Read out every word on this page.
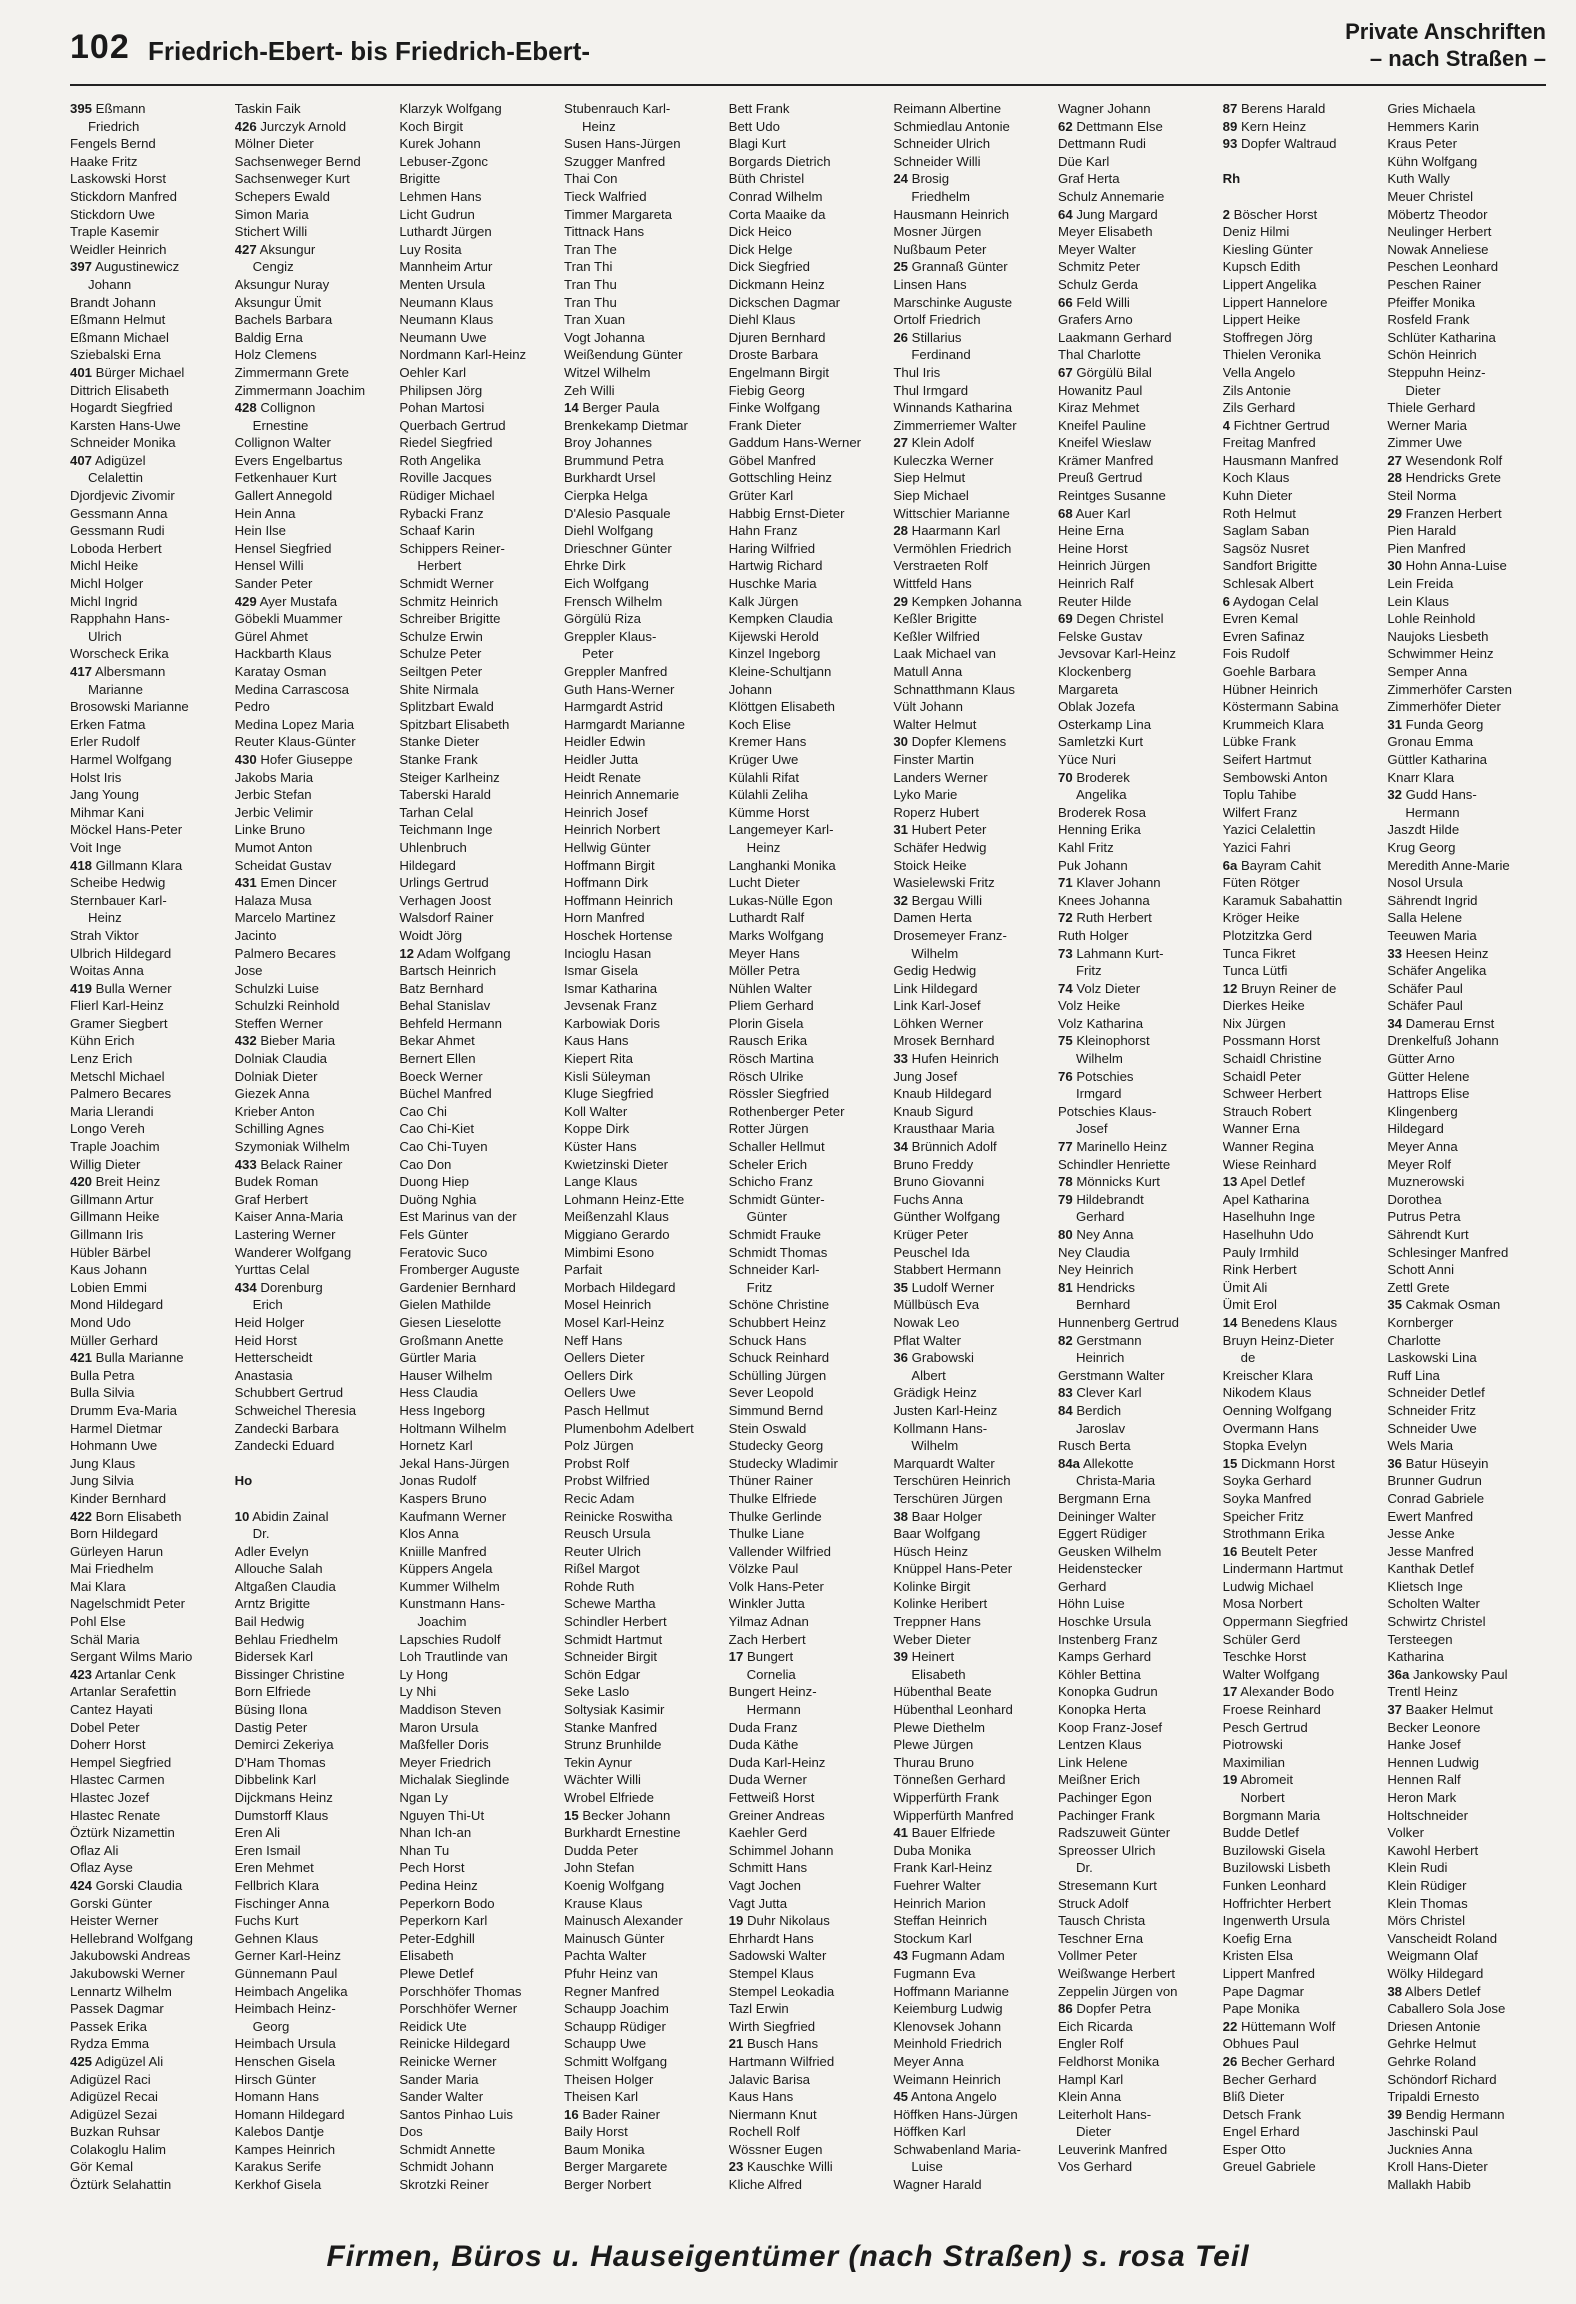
102 Friedrich-Ebert- bis Friedrich-Ebert-
Private Anschriften
– nach Straßen –
395 Eßmann
Friedrich
Fengels Bernd
Haake Fritz
Laskowski Horst
Stickdorn Manfred
Stickdorn Uwe
Traple Kasemir
Weidler Heinrich
397 Augustinewicz
Johann
Brandt Johann
Eßmann Helmut
Eßmann Michael
Sziebalski Erna
401 Bürger Michael
Dittrich Elisabeth
Hogardt Siegfried
Karsten Hans-Uwe
Schneider Monika
407 Adigüzel
Celalettin
Djordjevic Zivomir
Gessmann Anna
Gessmann Rudi
Loboda Herbert
Michl Heike
Michl Holger
Michl Ingrid
Rapphahn Hans-
Ulrich
Worscheck Erika
417 Albersmann
Marianne
Brosowski Marianne
Erken Fatma
Erler Rudolf
Harmel Wolfgang
Holst Iris
Jang Young
Mihmar Kani
Möckel Hans-Peter
Voit Inge
418 Gillmann Klara
Scheibe Hedwig
Sternbauer Karl-
Heinz
Strah Viktor
Ulbrich Hildegard
Woitas Anna
419 Bulla Werner
Flierl Karl-Heinz
Gramer Siegbert
Kühn Erich
Lenz Erich
Metschl Michael
Palmero Becares
Maria Llerandi
Longo Vereh
Traple Joachim
Willig Dieter
420 Breit Heinz
Gillmann Artur
Gillmann Heike
Gillmann Iris
Hübler Bärbel
Kaus Johann
Lobien Emmi
Mond Hildegard
Mond Udo
Müller Gerhard
421 Bulla Marianne
Bulla Petra
Bulla Silvia
Drumm Eva-Maria
Harmel Dietmar
Hohmann Uwe
Jung Klaus
Jung Silvia
Kinder Bernhard
422 Born Elisabeth
Born Hildegard
Gürleyen Harun
Mai Friedhelm
Mai Klara
Nagelschmidt Peter
Pohl Else
Schäl Maria
Sergant Wilms Mario
423 Artanlar Cenk
Artanlar Serafettin
Cantez Hayati
Dobel Peter
Doherr Horst
Hempel Siegfried
Hlastec Carmen
Hlastec Jozef
Hlastec Renate
Öztürk Nizamettin
Oflaz Ali
Oflaz Ayse
424 Gorski Claudia
Gorski Günter
Heister Werner
Hellebrand Wolfgang
Jakubowski Andreas
Jakubowski Werner
Lennartz Wilhelm
Passek Dagmar
Passek Erika
Rydza Emma
425 Adigüzel Ali
Adigüzel Raci
Adigüzel Recai
Adigüzel Sezai
Buzkan Ruhsar
Colakoglu Halim
Gör Kemal
Öztürk Selahattin
Taskin Faik
426 Jurczyk Arnold
Mölner Dieter
Sachsenweger Bernd
Sachsenweger Kurt
Schepers Ewald
Simon Maria
Stichert Willi
427 Aksungur
Cengiz
Aksungur Nuray
Aksungur Ümit
Bachels Barbara
Baldig Erna
Holz Clemens
Zimmermann Grete
Zimmermann Joachim
428 Collignon
Ernestine
Collignon Walter
Evers Engelbartus
Fetkenhauer Kurt
Gallert Annegold
Hein Anna
Hein Ilse
Hensel Siegfried
Hensel Willi
Sander Peter
429 Ayer Mustafa
Göbekli Muammer
Gürel Ahmet
Hackbarth Klaus
Karatay Osman
Medina Carrascosa
Pedro
Medina Lopez Maria
Reuter Klaus-Günter
430 Hofer Giuseppe
Jakobs Maria
Jerbic Stefan
Jerbic Velimir
Linke Bruno
Mumot Anton
Scheidat Gustav
431 Emen Dincer
Halaza Musa
Marcelo Martinez
Jacinto
Palmero Becares
Jose
Schulzki Luise
Schulzki Reinhold
Steffen Werner
432 Bieber Maria
Dolniak Claudia
Dolniak Dieter
Giezek Anna
Krieber Anton
Schilling Agnes
Szymoniak Wilhelm
433 Belack Rainer
Budek Roman
Graf Herbert
Kaiser Anna-Maria
Lastering Werner
Wanderer Wolfgang
Yurttas Celal
434 Dorenburg
Erich
Heid Holger
Heid Horst
Hetterscheidt
Anastasia
Schubbert Gertrud
Schweichel Theresia
Zandecki Barbara
Zandecki Eduard
Ho
10 Abidin Zainal
Dr.
Adler Evelyn
Allouche Salah
Altgaßen Claudia
Arntz Brigitte
Bail Hedwig
Behlau Friedhelm
Bidersek Karl
Bissinger Christine
Born Elfriede
Büsing Ilona
Dastig Peter
Demirci Zekeriya
D'Ham Thomas
Dibbelink Karl
Dijckmans Heinz
Dumstorff Klaus
Eren Ali
Eren Ismail
Eren Mehmet
Fellbrich Klara
Fischinger Anna
Fuchs Kurt
Gehnen Klaus
Gerner Karl-Heinz
Günnemann Paul
Heimbach Angelika
Heimbach Heinz-
Georg
Heimbach Ursula
Henschen Gisela
Hirsch Günter
Homann Hans
Homann Hildegard
Kalebos Dantje
Kampes Heinrich
Karakus Serife
Kerkhof Gisela
Klarzyk Wolfgang
Koch Birgit
Kurek Johann
Lebuser-Zgonc
Brigitte
Lehmen Hans
Licht Gudrun
Luthardt Jürgen
Luy Rosita
Mannheim Artur
Menten Ursula
Neumann Klaus
Neumann Klaus
Neumann Uwe
Nordmann Karl-Heinz
Oehler Karl
Philipsen Jörg
Pohan Martosi
Querbach Gertrud
Riedel Siegfried
Roth Angelika
Roville Jacques
Rüdiger Michael
Rybacki Franz
Schaaf Karin
Schippers Reiner-
Herbert
Schmidt Werner
Schmitz Heinrich
Schreiber Brigitte
Schulze Erwin
Schulze Peter
Seiltgen Peter
Shite Nirmala
Splitzbart Ewald
Spitzbart Elisabeth
Stanke Dieter
Stanke Frank
Steiger Karlheinz
Taberski Harald
Tarhan Celal
Teichmann Inge
Uhlenbruch
Hildegard
Urlings Gertrud
Verhagen Joost
Walsdorf Rainer
Woidt Jörg
12 Adam Wolfgang
Bartsch Heinrich
Batz Bernhard
Behal Stanislav
Behfeld Hermann
Bekar Ahmet
Bernert Ellen
Boeck Werner
Büchel Manfred
Cao Chi
Cao Chi-Kiet
Cao Chi-Tuyen
Cao Don
Duong Hiep
Duöng Nghia
Est Marinus van der
Fels Günter
Feratovic Suco
Fromberger Auguste
Gardenier Bernhard
Gielen Mathilde
Giesen Lieselotte
Großmann Anette
Gürtler Maria
Hauser Wilhelm
Hess Claudia
Hess Ingeborg
Holtmann Wilhelm
Hornetz Karl
Jekal Hans-Jürgen
Jonas Rudolf
Kaspers Bruno
Kaufmann Werner
Klos Anna
Kniille Manfred
Küppers Angela
Kummer Wilhelm
Kunstmann Hans-
Joachim
Lapschies Rudolf
Loh Trautlinde van
Ly Hong
Ly Nhi
Maddison Steven
Maron Ursula
Maßfeller Doris
Meyer Friedrich
Michalak Sieglinde
Ngan Ly
Nguyen Thi-Ut
Nhan Ich-an
Nhan Tu
Pech Horst
Pedina Heinz
Peperkorn Bodo
Peperkorn Karl
Peter-Edghill
Elisabeth
Plewe Detlef
Porschhöfer Thomas
Porschhöfer Werner
Reidick Ute
Reinicke Hildegard
Reinicke Werner
Sander Maria
Sander Walter
Santos Pinhao Luis
Dos
Schmidt Annette
Schmidt Johann
Skrotzki Reiner
Stubenrauch Karl-
Heinz
Susen Hans-Jürgen
Szugger Manfred
Thai Con
Tieck Walfried
Timmer Margareta
Tittnack Hans
Tran The
Tran Thi
Tran Thu
Tran Thu
Tran Xuan
Vogt Johanna
Weißendung Günter
Witzel Wilhelm
Zeh Willi
14 Berger Paula
Brenkekamp Dietmar
Broy Johannes
Brummund Petra
Burkhardt Ursel
Cierpka Helga
D'Alesio Pasquale
Diehl Wolfgang
Drieschner Günter
Ehrke Dirk
Eich Wolfgang
Frensch Wilhelm
Görgülü Riza
Greppler Klaus-
Peter
Greppler Manfred
Guth Hans-Werner
Harmgardt Astrid
Harmgardt Marianne
Heidler Edwin
Heidler Jutta
Heidt Renate
Heinrich Annemarie
Heinrich Josef
Heinrich Norbert
Hellwig Günter
Hoffmann Birgit
Hoffmann Dirk
Hoffmann Heinrich
Horn Manfred
Hoschek Hortense
Incioglu Hasan
Ismar Gisela
Ismar Katharina
Jevsenak Franz
Karbowiak Doris
Kaus Hans
Kiepert Rita
Kisli Süleyman
Kluge Siegfried
Koll Walter
Koppe Dirk
Küster Hans
Kwietzinski Dieter
Lange Klaus
Lohmann Heinz-Ette
Meißenzahl Klaus
Miggiano Gerardo
Mimbimi Esono
Parfait
Morbach Hildegard
Mosel Heinrich
Mosel Karl-Heinz
Neff Hans
Oellers Dieter
Oellers Dirk
Oellers Uwe
Pasch Hellmut
Plumenbohm Adelbert
Polz Jürgen
Probst Rolf
Probst Wilfried
Recic Adam
Reinicke Roswitha
Reusch Ursula
Reuter Ulrich
Rißel Margot
Rohde Ruth
Schewe Martha
Schindler Herbert
Schmidt Hartmut
Schneider Birgit
Schön Edgar
Seke Laslo
Soltysiak Kasimir
Stanke Manfred
Strunz Brunhilde
Tekin Aynur
Wächter Willi
Wrobel Elfriede
15 Becker Johann
Burkhardt Ernestine
Dudda Peter
John Stefan
Koenig Wolfgang
Krause Klaus
Mainusch Alexander
Mainusch Günter
Pachta Walter
Pfuhr Heinz van
Regner Manfred
Schaupp Joachim
Schaupp Rüdiger
Schaupp Uwe
Schmitt Wolfgang
Theisen Holger
Theisen Karl
16 Bader Rainer
Baily Horst
Baum Monika
Berger Margarete
Berger Norbert
Bett Frank
Bett Udo
Blagi Kurt
Borgards Dietrich
Büth Christel
Conrad Wilhelm
Corta Maaike da
Dick Heico
Dick Helge
Dick Siegfried
Dickmann Heinz
Dickschen Dagmar
Diehl Klaus
Djuren Bernhard
Droste Barbara
Engelmann Birgit
Fiebig Georg
Finke Wolfgang
Frank Dieter
Gaddum Hans-Werner
Göbel Manfred
Gottschling Heinz
Grüter Karl
Habbig Ernst-Dieter
Hahn Franz
Haring Wilfried
Hartwig Richard
Huschke Maria
Kalk Jürgen
Kempken Claudia
Kijewski Herold
Kinzel Ingeborg
Kleine-Schultjann
Johann
Klöttgen Elisabeth
Koch Elise
Kremer Hans
Krüger Uwe
Külahli Rifat
Külahli Zeliha
Kümme Horst
Langemeyer Karl-
Heinz
Langhanki Monika
Lucht Dieter
Lukas-Nülle Egon
Luthardt Ralf
Marks Wolfgang
Meyer Hans
Möller Petra
Nühlen Walter
Pliem Gerhard
Plorin Gisela
Rausch Erika
Rösch Martina
Rösch Ulrike
Rössler Siegfried
Rothenberger Peter
Rotter Jürgen
Schaller Hellmut
Scheler Erich
Schicho Franz
Schmidt Günter-
Günter
Schmidt Frauke
Schmidt Thomas
Schneider Karl-
Fritz
Schöne Christine
Schubbert Heinz
Schuck Hans
Schuck Reinhard
Schülling Jürgen
Sever Leopold
Simmund Bernd
Stein Oswald
Studecky Georg
Studecky Wladimir
Thüner Rainer
Thulke Elfriede
Thulke Gerlinde
Thulke Liane
Vallender Wilfried
Völzke Paul
Volk Hans-Peter
Winkler Jutta
Yilmaz Adnan
Zach Herbert
17 Bungert
Cornelia
Bungert Heinz-
Hermann
Duda Franz
Duda Käthe
Duda Karl-Heinz
Duda Werner
Fettweiß Horst
Greiner Andreas
Kaehler Gerd
Schimmel Johann
Schmitt Hans
Vagt Jochen
Vagt Jutta
19 Duhr Nikolaus
Ehrhardt Hans
Sadowski Walter
Stempel Klaus
Stempel Leokadia
Tazl Erwin
Wirth Siegfried
21 Busch Hans
Hartmann Wilfried
Jalavic Barisa
Kaus Hans
Niermann Knut
Rochell Rolf
Wössner Eugen
23 Kauschke Willi
Kliche Alfred
Reimann Albertine
Schmiedlau Antonie
Schneider Ulrich
Schneider Willi
24 Brosig
Friedhelm
Hausmann Heinrich
Mosner Jürgen
Nußbaum Peter
25 Grannaß Günter
Linsen Hans
Marschinke Auguste
Ortolf Friedrich
26 Stillarius
Ferdinand
Thul Iris
Thul Irmgard
Winnands Katharina
Zimmerriemer Walter
27 Klein Adolf
Kuleczka Werner
Siep Helmut
Siep Michael
Wittschier Marianne
28 Haarmann Karl
Vermöhlen Friedrich
Verstraeten Rolf
Wittfeld Hans
29 Kempken Johanna
Keßler Brigitte
Keßler Wilfried
Laak Michael van
Matull Anna
Schnatthmann Klaus
Vült Johann
Walter Helmut
30 Dopfer Klemens
Finster Martin
Landers Werner
Lyko Marie
Roperz Hubert
31 Hubert Peter
Schäfer Hedwig
Stoick Heike
Wasielewski Fritz
32 Bergau Willi
Damen Herta
Drosemeyer Franz-
Wilhelm
Gedig Hedwig
Link Hildegard
Link Karl-Josef
Löhken Werner
Mrosek Bernhard
33 Hufen Heinrich
Jung Josef
Knaub Hildegard
Knaub Sigurd
Krausthaar Maria
34 Brünnich Adolf
Bruno Freddy
Bruno Giovanni
Fuchs Anna
Günther Wolfgang
Krüger Peter
Peuschel Ida
Stabbert Hermann
35 Ludolf Werner
Müllbüsch Eva
Nowak Leo
Pflat Walter
36 Grabowski
Albert
Grädigk Heinz
Justen Karl-Heinz
Kollmann Hans-
Wilhelm
Marquardt Walter
Terschüren Heinrich
Terschüren Jürgen
38 Baar Holger
Baar Wolfgang
Hüsch Heinz
Knüppel Hans-Peter
Kolinke Birgit
Kolinke Heribert
Treppner Hans
Weber Dieter
39 Heinert
Elisabeth
Hübenthal Beate
Hübenthal Leonhard
Plewe Diethelm
Plewe Jürgen
Thurau Bruno
Tönneßen Gerhard
Wipperfürth Frank
Wipperfürth Manfred
41 Bauer Elfriede
Duba Monika
Frank Karl-Heinz
Fuehrer Walter
Heinrich Marion
Steffan Heinrich
Stockum Karl
43 Fugmann Adam
Fugmann Eva
Hoffmann Marianne
Keiemburg Ludwig
Klenovsek Johann
Meinhold Friedrich
Meyer Anna
Weimann Heinrich
45 Antona Angelo
Höffken Hans-Jürgen
Höffken Karl
Schwabenland Maria-
Luise
Wagner Harald
Wagner Johann
62 Dettmann Else
Dettmann Rudi
Düe Karl
Graf Herta
Schulz Annemarie
64 Jung Margard
Meyer Elisabeth
Meyer Walter
Schmitz Peter
Schulz Gerda
66 Feld Willi
Grafers Arno
Laakmann Gerhard
Thal Charlotte
67 Görgülü Bilal
Howanitz Paul
Kiraz Mehmet
Kneifel Pauline
Kneifel Wieslaw
Krämer Manfred
Preuß Gertrud
Reintges Susanne
68 Auer Karl
Heine Erna
Heine Horst
Heinrich Jürgen
Heinrich Ralf
Reuter Hilde
69 Degen Christel
Felske Gustav
Jevsovar Karl-Heinz
Klockenberg
Margareta
Oblak Jozefa
Osterkamp Lina
Samletzki Kurt
Yüce Nuri
70 Broderek
Angelika
Broderek Rosa
Henning Erika
Kahl Fritz
Puk Johann
71 Klaver Johann
Knees Johanna
72 Ruth Herbert
Ruth Holger
73 Lahmann Kurt-
Fritz
74 Volz Dieter
Volz Heike
Volz Katharina
75 Kleinophorst
Wilhelm
76 Potschies
Irmgard
Potschies Klaus-
Josef
77 Marinello Heinz
Schindler Henriette
78 Mönnicks Kurt
79 Hildebrandt
Gerhard
80 Ney Anna
Ney Claudia
Ney Heinrich
81 Hendricks
Bernhard
Hunnenberg Gertrud
82 Gerstmann
Heinrich
Gerstmann Walter
83 Clever Karl
84 Berdich
Jaroslav
Rusch Berta
84a Allekotte
Christa-Maria
Bergmann Erna
Deininger Walter
Eggert Rüdiger
Geusken Wilhelm
Heidenstecker
Gerhard
Höhn Luise
Hoschke Ursula
Instenberg Franz
Kamps Gerhard
Köhler Bettina
Konopka Gudrun
Konopka Herta
Koop Franz-Josef
Lentzen Klaus
Link Helene
Meißner Erich
Pachinger Egon
Pachinger Frank
Radszuweit Günter
Spreosser Ulrich
Dr.
Stresemann Kurt
Struck Adolf
Tausch Christa
Teschner Erna
Vollmer Peter
Weißwange Herbert
Zeppelin Jürgen von
86 Dopfer Petra
Eich Ricarda
Engler Rolf
Feldhorst Monika
Hampl Karl
Klein Anna
Leiterholt Hans-
Dieter
Leuverink Manfred
Vos Gerhard
87 Berens Harald
89 Kern Heinz
93 Dopfer Waltraud
Rh
2 Böscher Horst
Deniz Hilmi
Kiesling Günter
Kupsch Edith
Lippert Angelika
Lippert Hannelore
Lippert Heike
Stoffregen Jörg
Thielen Veronika
Vella Angelo
Zils Antonie
Zils Gerhard
4 Fichtner Gertrud
Freitag Manfred
Hausmann Manfred
Koch Klaus
Kuhn Dieter
Roth Helmut
Saglam Saban
Sagsöz Nusret
Sandfort Brigitte
Schlesak Albert
6 Aydogan Celal
Evren Kemal
Evren Safinaz
Fois Rudolf
Goehle Barbara
Hübner Heinrich
Köstermann Sabina
Krummeich Klara
Lübke Frank
Seifert Hartmut
Sembowski Anton
Toplu Tahibe
Wilfert Franz
Yazici Celalettin
Yazici Fahri
6a Bayram Cahit
Füten Rötger
Karamuk Sabahattin
Kröger Heike
Plotzitzka Gerd
Tunca Fikret
Tunca Lütfi
12 Bruyn Reiner de
Dierkes Heike
Nix Jürgen
Possmann Horst
Schaidl Christine
Schaidl Peter
Schweer Herbert
Strauch Robert
Wanner Erna
Wanner Regina
Wiese Reinhard
13 Apel Detlef
Apel Katharina
Haselhuhn Inge
Haselhuhn Udo
Pauly Irmhild
Rink Herbert
Ümit Ali
Ümit Erol
14 Benedens Klaus
Bruyn Heinz-Dieter
de
Kreischer Klara
Nikodem Klaus
Oenning Wolfgang
Overmann Hans
Stopka Evelyn
15 Dickmann Horst
Soyka Gerhard
Soyka Manfred
Speicher Fritz
Strothmann Erika
16 Beutelt Peter
Lindermann Hartmut
Ludwig Michael
Mosa Norbert
Oppermann Siegfried
Schüler Gerd
Teschke Horst
Walter Wolfgang
17 Alexander Bodo
Froese Reinhard
Pesch Gertrud
Piotrowski
Maximilian
19 Abromeit
Norbert
Borgmann Maria
Budde Detlef
Buzilowski Gisela
Buzilowski Lisbeth
Funken Leonhard
Hoffrichter Herbert
Ingenwerth Ursula
Koefig Erna
Kristen Elsa
Lippert Manfred
Pape Dagmar
Pape Monika
22 Hüttemann Wolf
Obhues Paul
26 Becher Gerhard
Becher Gerhard
Bliß Dieter
Detsch Frank
Engel Erhard
Esper Otto
Greuel Gabriele
Gries Michaela
Hemmers Karin
Kraus Peter
Kühn Wolfgang
Kuth Wally
Meuer Christel
Möbertz Theodor
Neulinger Herbert
Nowak Anneliese
Peschen Leonhard
Peschen Rainer
Pfeiffer Monika
Rosfeld Frank
Schlüter Katharina
Schön Heinrich
Steppuhn Heinz-
Dieter
Thiele Gerhard
Werner Maria
Zimmer Uwe
27 Wesendonk Rolf
28 Hendricks Grete
Steil Norma
29 Franzen Herbert
Pien Harald
Pien Manfred
30 Hohn Anna-Luise
Lein Freida
Lein Klaus
Lohle Reinhold
Naujoks Liesbeth
Schwimmer Heinz
Semper Anna
Zimmerhöfer Carsten
Zimmerhöfer Dieter
31 Funda Georg
Gronau Emma
Güttler Katharina
Knarr Klara
32 Gudd Hans-
Hermann
Jaszdt Hilde
Krug Georg
Meredith Anne-Marie
Nosol Ursula
Sährendt Ingrid
Salla Helene
Teeuwen Maria
33 Heesen Heinz
Schäfer Angelika
Schäfer Paul
Schäfer Paul
34 Damerau Ernst
Drenkelfuß Johann
Gütter Arno
Gütter Helene
Hattrops Elise
Klingenberg
Hildegard
Meyer Anna
Meyer Rolf
Muznerowski
Dorothea
Putrus Petra
Sährendt Kurt
Schlesinger Manfred
Schott Anni
Zettl Grete
35 Cakmak Osman
Kornberger
Charlotte
Laskowski Lina
Ruff Lina
Schneider Detlef
Schneider Fritz
Schneider Uwe
Wels Maria
36 Batur Hüseyin
Brunner Gudrun
Conrad Gabriele
Ewert Manfred
Jesse Anke
Jesse Manfred
Kanthak Detlef
Klietsch Inge
Scholten Walter
Schwirtz Christel
Tersteegen
Katharina
36a Jankowsky Paul
Trentl Heinz
37 Baaker Helmut
Becker Leonore
Hanke Josef
Hennen Ludwig
Hennen Ralf
Heron Mark
Holtschneider
Volker
Kawohl Herbert
Klein Rudi
Klein Rüdiger
Klein Thomas
Mörs Christel
Vanscheidt Roland
Weigmann Olaf
Wölky Hildegard
38 Albers Detlef
Caballero Sola Jose
Driesen Antonie
Gehrke Helmut
Gehrke Roland
Schöndorf Richard
Tripaldi Ernesto
39 Bendig Hermann
Jaschinski Paul
Jucknies Anna
Kroll Hans-Dieter
Mallakh Habib
Firmen, Büros u. Hauseigentümer (nach Straßen) s. rosa Teil
